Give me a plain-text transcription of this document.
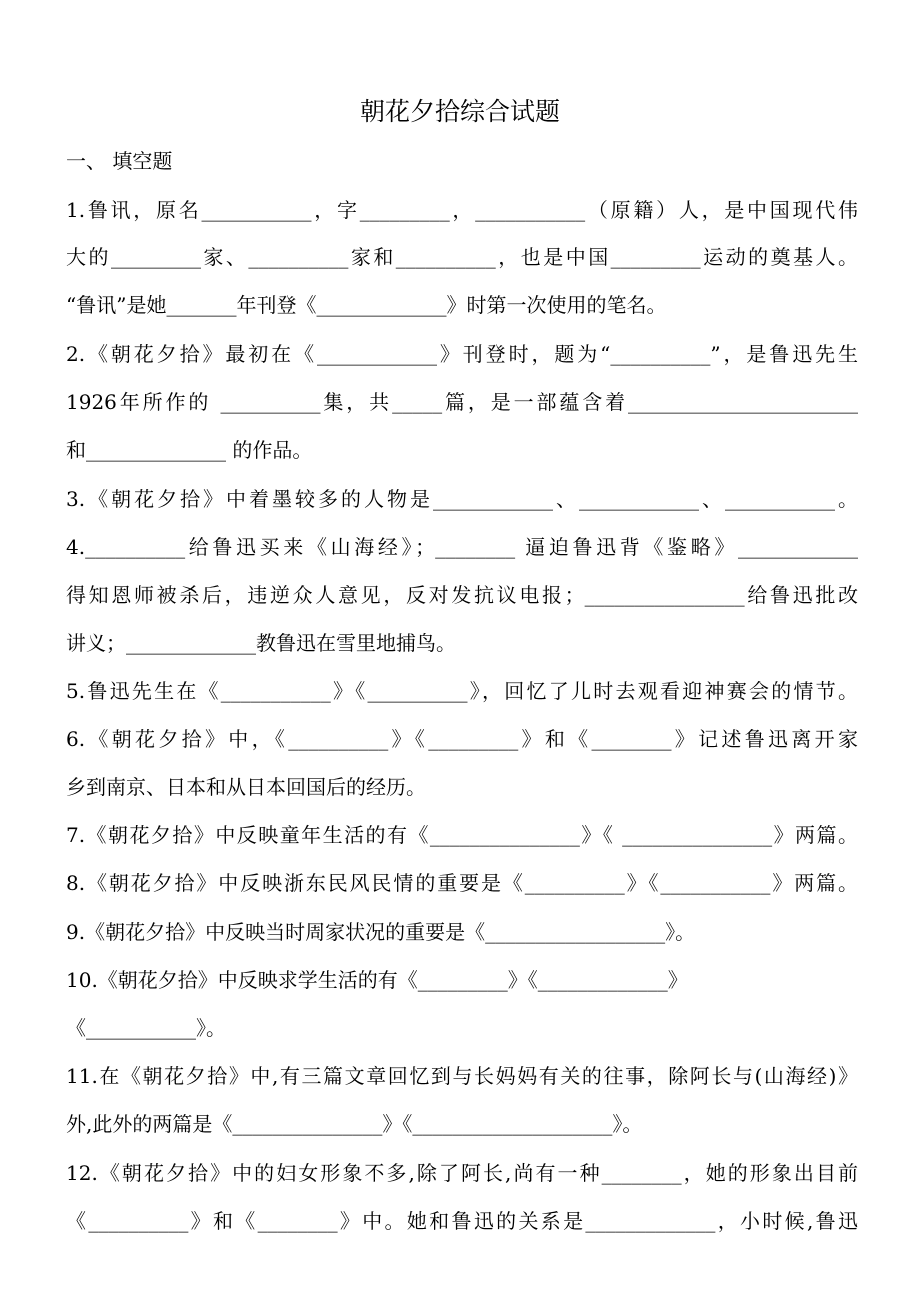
朝花夕拾综合试题
一、 填空题
1.鲁讯，原名___________，字_________，___________（原籍）人，是中国现代伟
大的_________家、__________家和__________，也是中国_________运动的奠基人。
“鲁讯”是她_______年刊登《_____________》时第一次使用的笔名。
2.《朝花夕拾》最初在《____________》刊登时，题为“__________”，是鲁迅先生
1926年所作的 __________集，共_____篇，是一部蕴含着_______________________
和______________ 的作品。
3.《朝花夕拾》中着墨较多的人物是____________、____________、___________。
4.__________给鲁迅买来《山海经》；________ 逼迫鲁迅背《鉴略》____________
得知恩师被杀后，违逆众人意见，反对发抗议电报；________________给鲁迅批改
讲义；_____________教鲁迅在雪里地捕鸟。
5.鲁迅先生在《___________》《__________》，回忆了儿时去观看迎神赛会的情节。
6.《朝花夕拾》中，《__________》《_________》和《________》记述鲁迅离开家
乡到南京、日本和从日本回国后的经历。
7.《朝花夕拾》中反映童年生活的有《_______________》《 _______________》两篇。
8.《朝花夕拾》中反映浙东民风民情的重要是《__________》《___________》两篇。
9.《朝花夕拾》中反映当时周家状况的重要是《__________________》。
10.《朝花夕拾》中反映求学生活的有《_________》《_____________》
《___________》。
11.在《朝花夕拾》中,有三篇文章回忆到与长妈妈有关的往事，除阿长与(山海经)》
外,此外的两篇是《_______________》《____________________》。
12.《朝花夕拾》中的妇女形象不多,除了阿长,尚有一种________，她的形象出目前
《__________》和《________》中。她和鲁迅的关系是_____________，小时候,鲁迅
